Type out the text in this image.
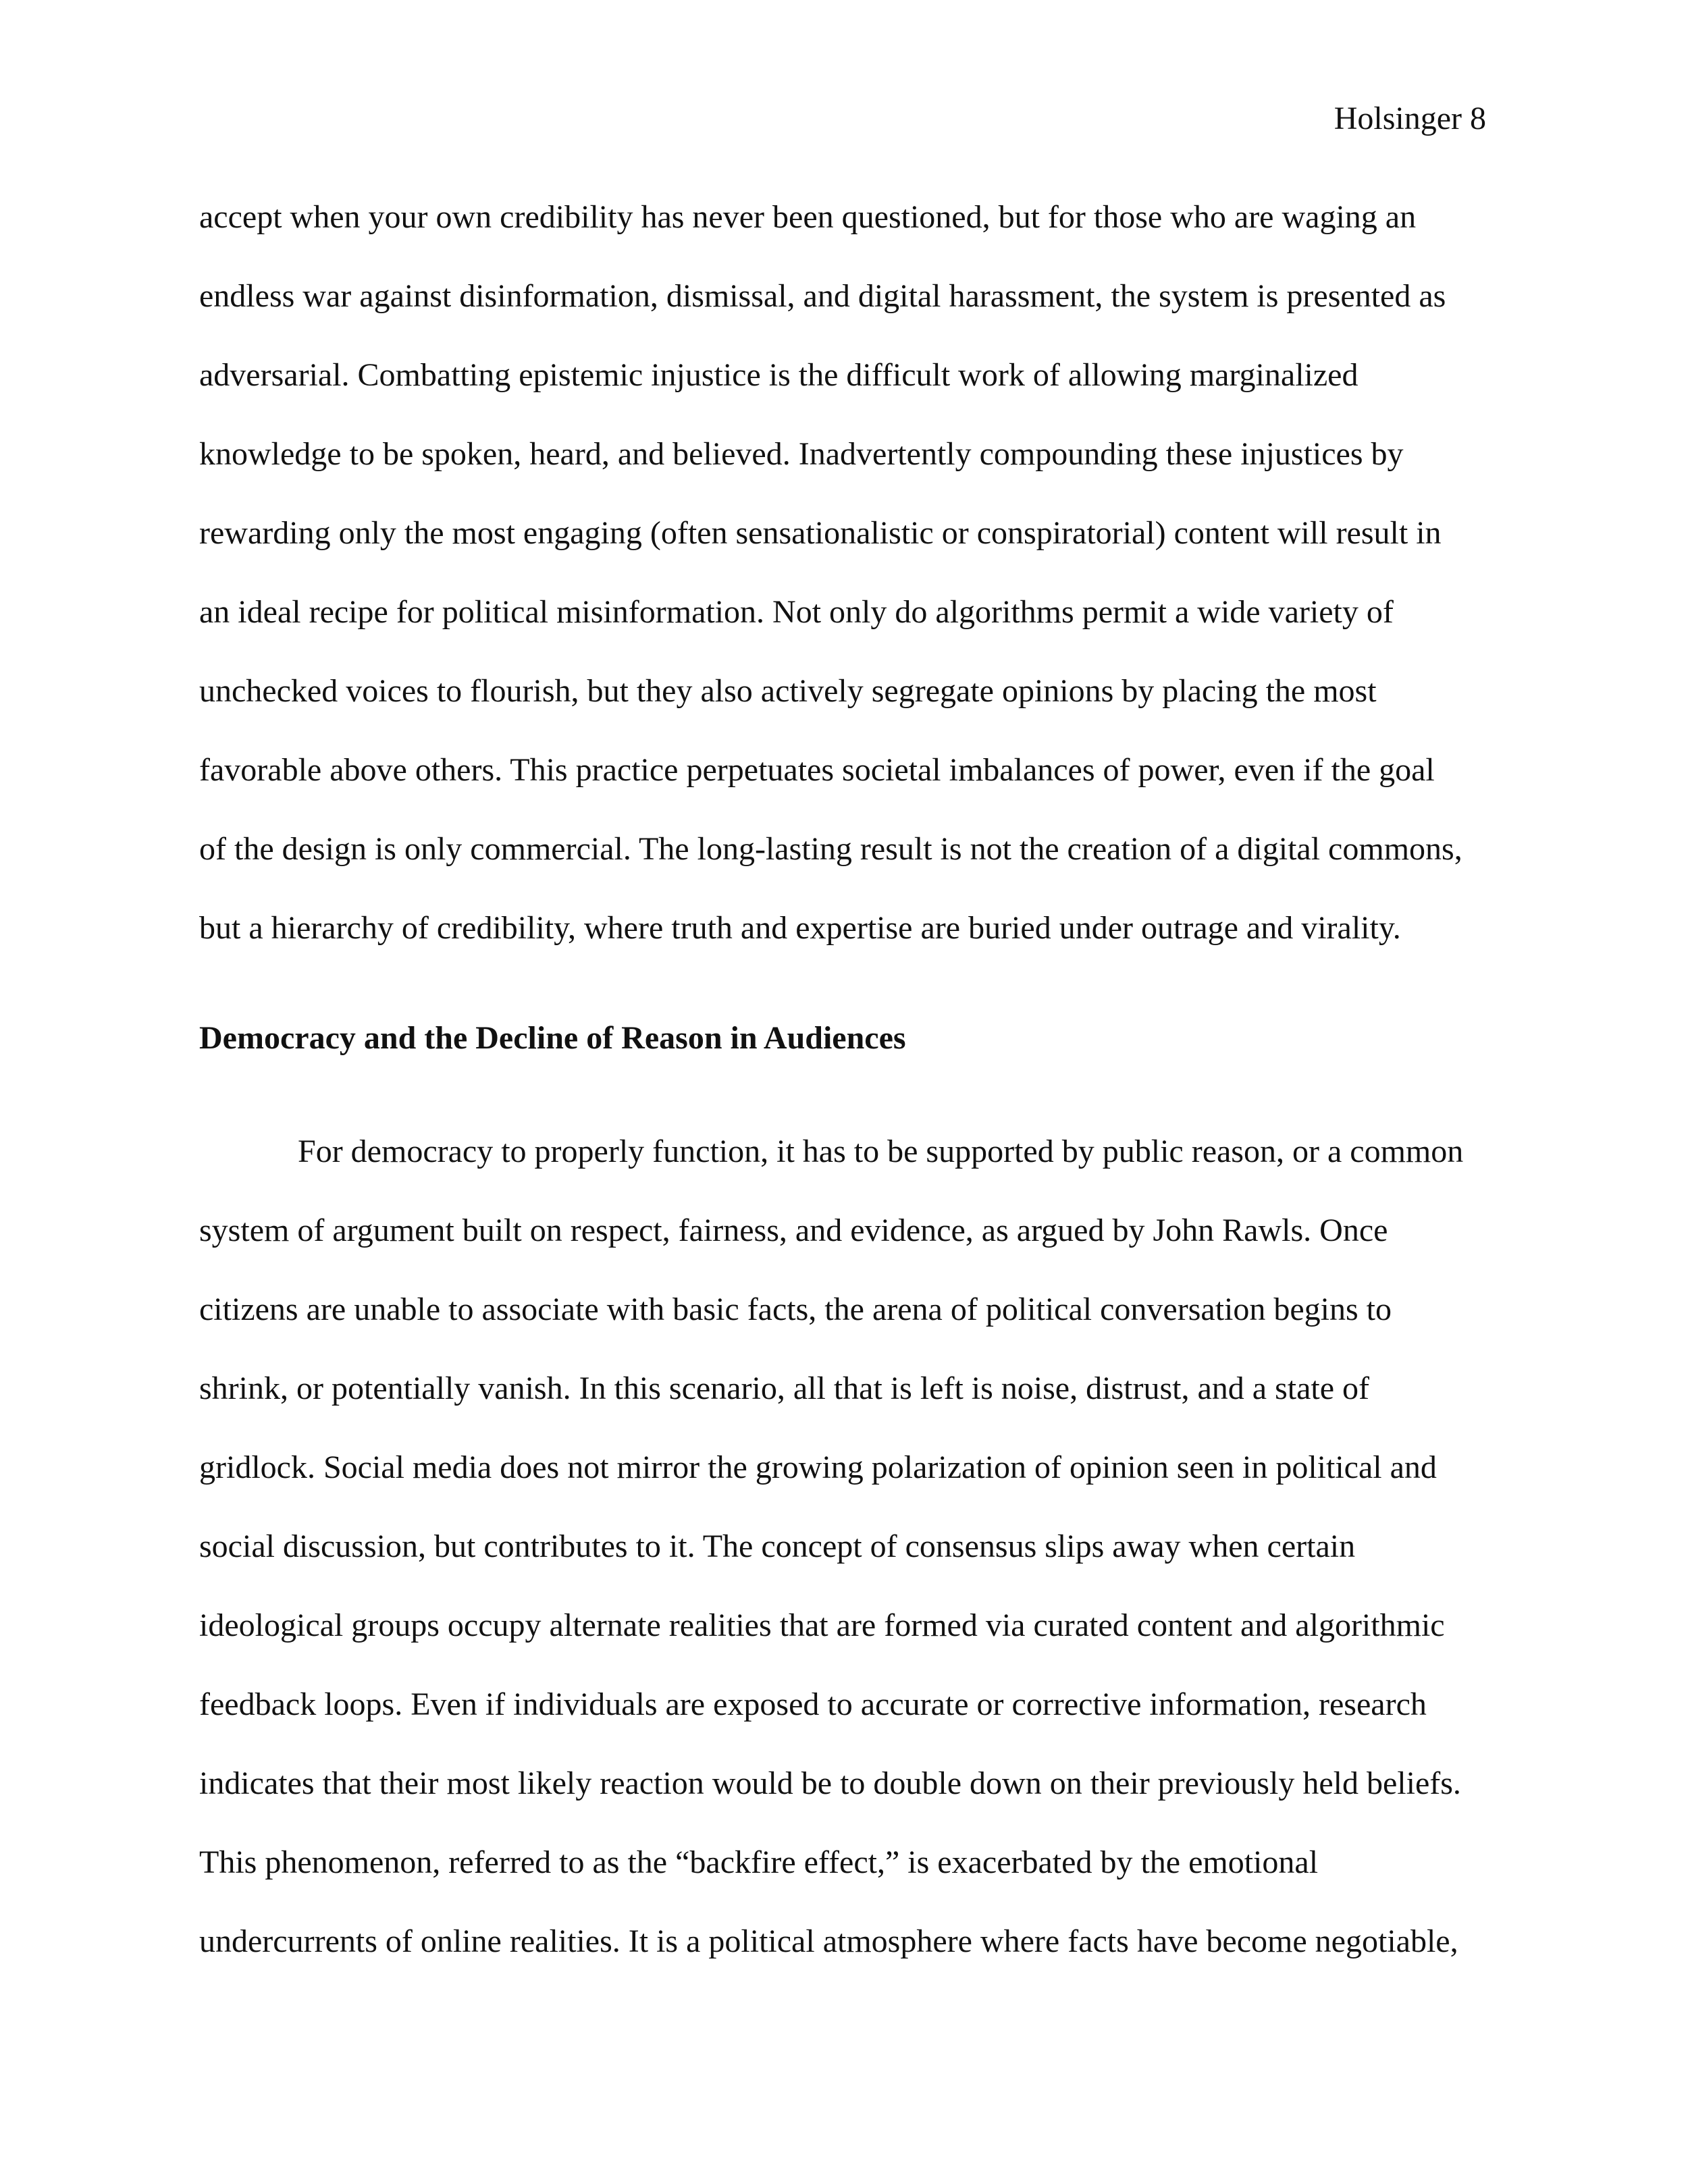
Holsinger 8
accept when your own credibility has never been questioned, but for those who are waging an
endless war against disinformation, dismissal, and digital harassment, the system is presented as
adversarial. Combatting epistemic injustice is the difficult work of allowing marginalized
knowledge to be spoken, heard, and believed. Inadvertently compounding these injustices by
rewarding only the most engaging (often sensationalistic or conspiratorial) content will result in
an ideal recipe for political misinformation. Not only do algorithms permit a wide variety of
unchecked voices to flourish, but they also actively segregate opinions by placing the most
favorable above others. This practice perpetuates societal imbalances of power, even if the goal
of the design is only commercial. The long-lasting result is not the creation of a digital commons,
but a hierarchy of credibility, where truth and expertise are buried under outrage and virality.
Democracy and the Decline of Reason in Audiences
For democracy to properly function, it has to be supported by public reason, or a common
system of argument built on respect, fairness, and evidence, as argued by John Rawls. Once
citizens are unable to associate with basic facts, the arena of political conversation begins to
shrink, or potentially vanish. In this scenario, all that is left is noise, distrust, and a state of
gridlock. Social media does not mirror the growing polarization of opinion seen in political and
social discussion, but contributes to it. The concept of consensus slips away when certain
ideological groups occupy alternate realities that are formed via curated content and algorithmic
feedback loops. Even if individuals are exposed to accurate or corrective information, research
indicates that their most likely reaction would be to double down on their previously held beliefs.
This phenomenon, referred to as the “backfire effect,” is exacerbated by the emotional
undercurrents of online realities. It is a political atmosphere where facts have become negotiable,
